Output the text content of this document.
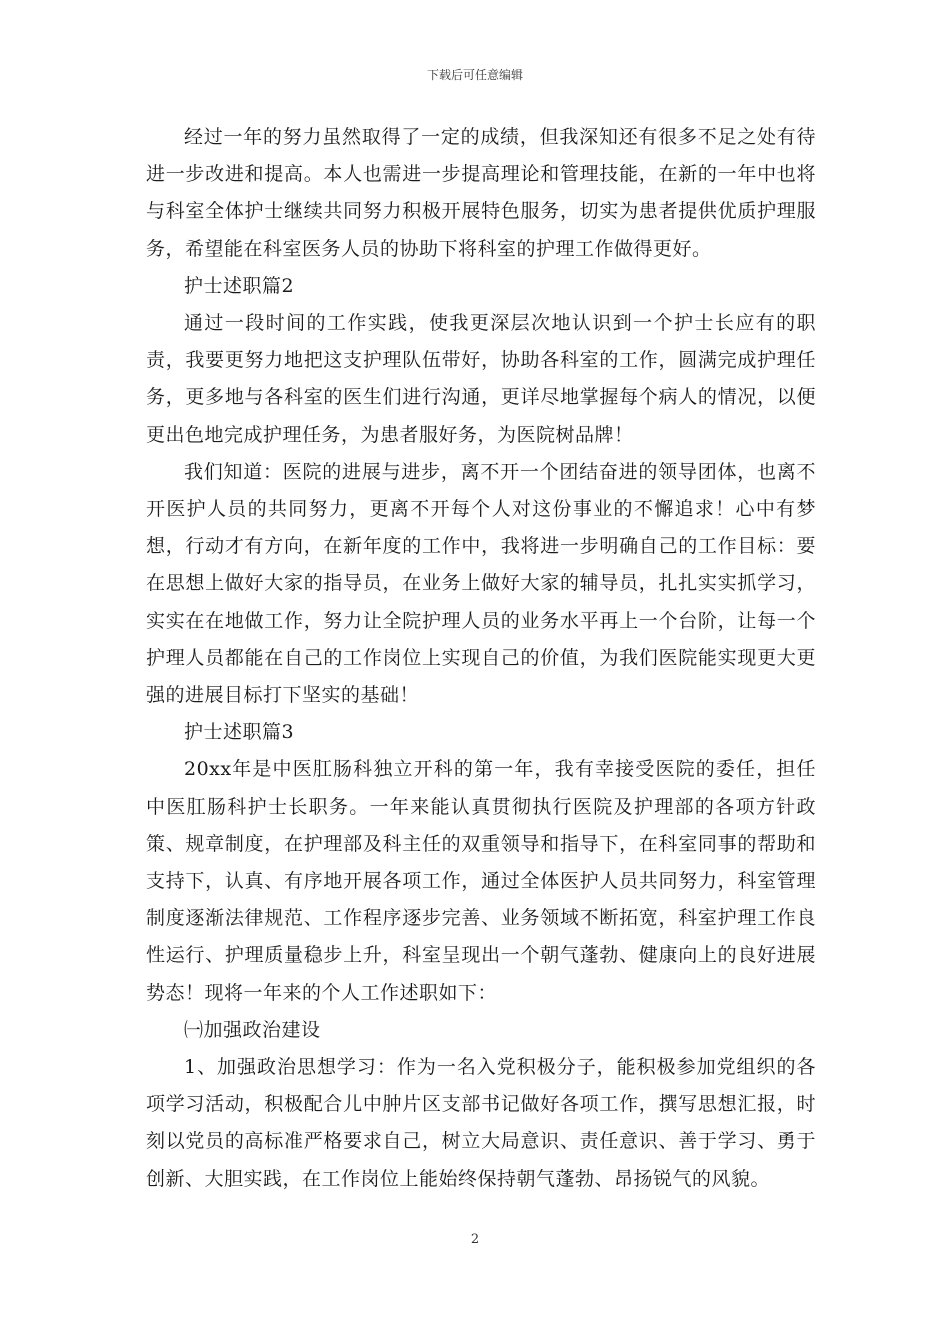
下载后可任意编辑

经过一年的努力虽然取得了一定的成绩，但我深知还有很多不足之处有待进一步改进和提高。本人也需进一步提高理论和管理技能，在新的一年中也将与科室全体护士继续共同努力积极开展特色服务，切实为患者提供优质护理服务，希望能在科室医务人员的协助下将科室的护理工作做得更好。

护士述职篇2

通过一段时间的工作实践，使我更深层次地认识到一个护士长应有的职责，我要更努力地把这支护理队伍带好，协助各科室的工作，圆满完成护理任务，更多地与各科室的医生们进行沟通，更详尽地掌握每个病人的情况，以便更出色地完成护理任务，为患者服好务，为医院树品牌！

我们知道：医院的进展与进步，离不开一个团结奋进的领导团体，也离不开医护人员的共同努力，更离不开每个人对这份事业的不懈追求！心中有梦想，行动才有方向，在新年度的工作中，我将进一步明确自己的工作目标：要在思想上做好大家的指导员，在业务上做好大家的辅导员，扎扎实实抓学习，实实在在地做工作，努力让全院护理人员的业务水平再上一个台阶，让每一个护理人员都能在自己的工作岗位上实现自己的价值，为我们医院能实现更大更强的进展目标打下坚实的基础！

护士述职篇3

20xx年是中医肛肠科独立开科的第一年，我有幸接受医院的委任，担任中医肛肠科护士长职务。一年来能认真贯彻执行医院及护理部的各项方针政策、规章制度，在护理部及科主任的双重领导和指导下，在科室同事的帮助和支持下，认真、有序地开展各项工作，通过全体医护人员共同努力，科室管理制度逐渐法律规范、工作程序逐步完善、业务领域不断拓宽，科室护理工作良性运行、护理质量稳步上升，科室呈现出一个朝气蓬勃、健康向上的良好进展势态！现将一年来的个人工作述职如下：

㈠加强政治建设

1、加强政治思想学习：作为一名入党积极分子，能积极参加党组织的各项学习活动，积极配合儿中肿片区支部书记做好各项工作，撰写思想汇报，时刻以党员的高标准严格要求自己，树立大局意识、责任意识、善于学习、勇于创新、大胆实践，在工作岗位上能始终保持朝气蓬勃、昂扬锐气的风貌。

2
